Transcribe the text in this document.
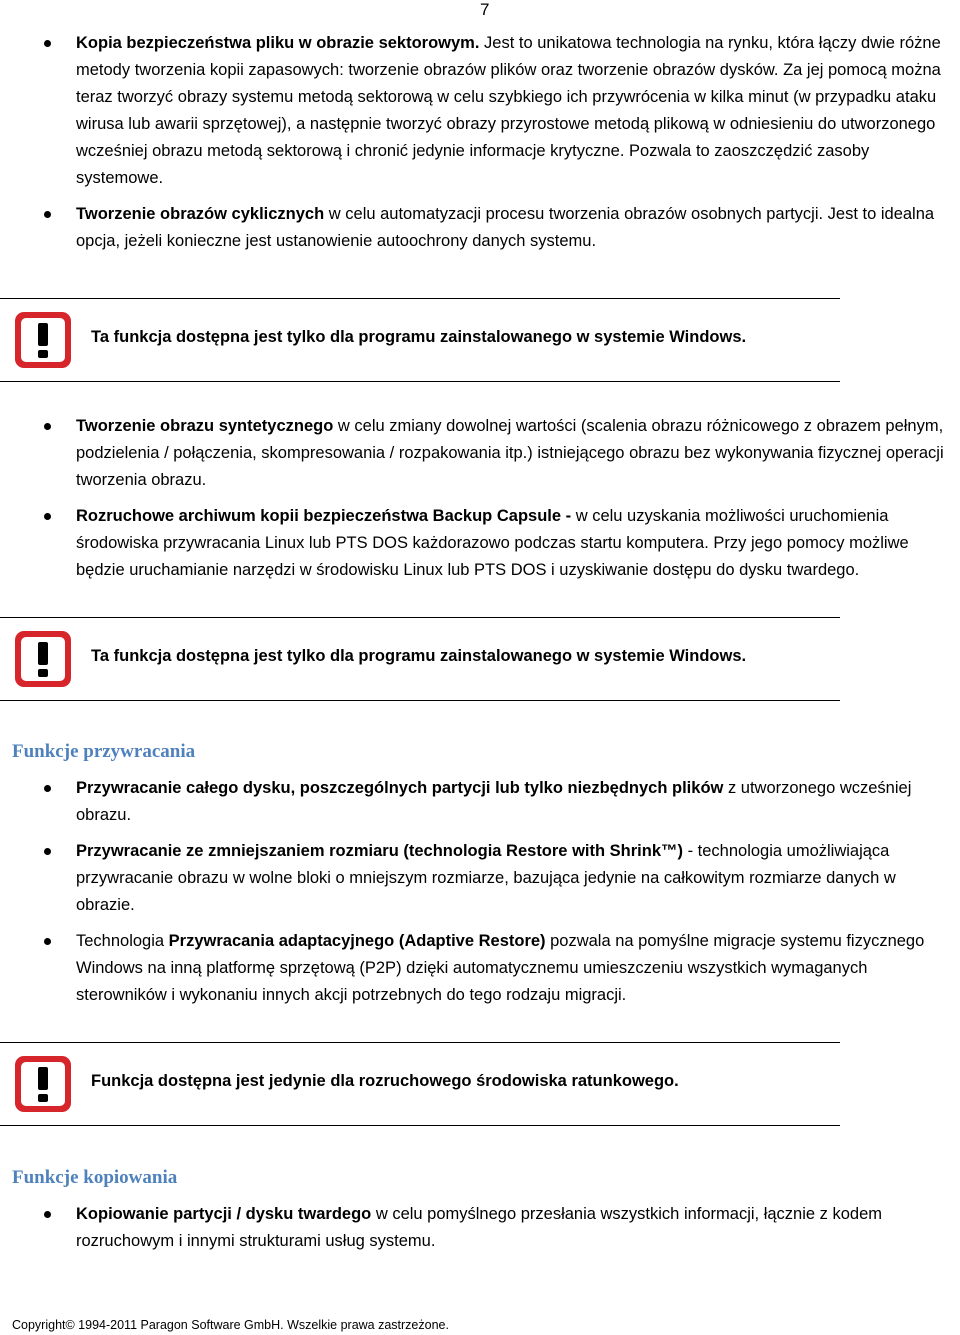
7
Kopia bezpieczeństwa pliku w obrazie sektorowym. Jest to unikatowa technologia na rynku, która łączy dwie różne metody tworzenia kopii zapasowych: tworzenie obrazów plików oraz tworzenie obrazów dysków. Za jej pomocą można teraz tworzyć obrazy systemu metodą sektorową w celu szybkiego ich przywrócenia w kilka minut (w przypadku ataku wirusa lub awarii sprzętowej), a następnie tworzyć obrazy przyrostowe metodą plikową w odniesieniu do utworzonego wcześniej obrazu metodą sektorową i chronić jedynie informacje krytyczne. Pozwala to zaoszczędzić zasoby systemowe.
Tworzenie obrazów cyklicznych w celu automatyzacji procesu tworzenia obrazów osobnych partycji. Jest to idealna opcja, jeżeli konieczne jest ustanowienie autoochrony danych systemu.
Ta funkcja dostępna jest tylko dla programu zainstalowanego w systemie Windows.
Tworzenie obrazu syntetycznego w celu zmiany dowolnej wartości (scalenia obrazu różnicowego z obrazem pełnym, podzielenia / połączenia, skompresowania / rozpakowania itp.) istniejącego obrazu bez wykonywania fizycznej operacji tworzenia obrazu.
Rozruchowe archiwum kopii bezpieczeństwa Backup Capsule - w celu uzyskania możliwości uruchomienia środowiska przywracania Linux lub PTS DOS każdorazowo podczas startu komputera. Przy jego pomocy możliwe będzie uruchamianie narzędzi w środowisku Linux lub PTS DOS i uzyskiwanie dostępu do dysku twardego.
Ta funkcja dostępna jest tylko dla programu zainstalowanego w systemie Windows.
Funkcje przywracania
Przywracanie całego dysku, poszczególnych partycji lub tylko niezbędnych plików z utworzonego wcześniej obrazu.
Przywracanie ze zmniejszaniem rozmiaru (technologia Restore with Shrink™) - technologia umożliwiająca przywracanie obrazu w wolne bloki o mniejszym rozmiarze, bazująca jedynie na całkowitym rozmiarze danych w obrazie.
Technologia Przywracania adaptacyjnego (Adaptive Restore) pozwala na pomyślne migracje systemu fizycznego Windows na inną platformę sprzętową (P2P) dzięki automatycznemu umieszczeniu wszystkich wymaganych sterowników i wykonaniu innych akcji potrzebnych do tego rodzaju migracji.
Funkcja dostępna jest jedynie dla rozruchowego środowiska ratunkowego.
Funkcje kopiowania
Kopiowanie partycji / dysku twardego w celu pomyślnego przesłania wszystkich informacji, łącznie z kodem rozruchowym i innymi strukturami usług systemu.
Copyright© 1994-2011 Paragon Software GmbH. Wszelkie prawa zastrzeżone.
